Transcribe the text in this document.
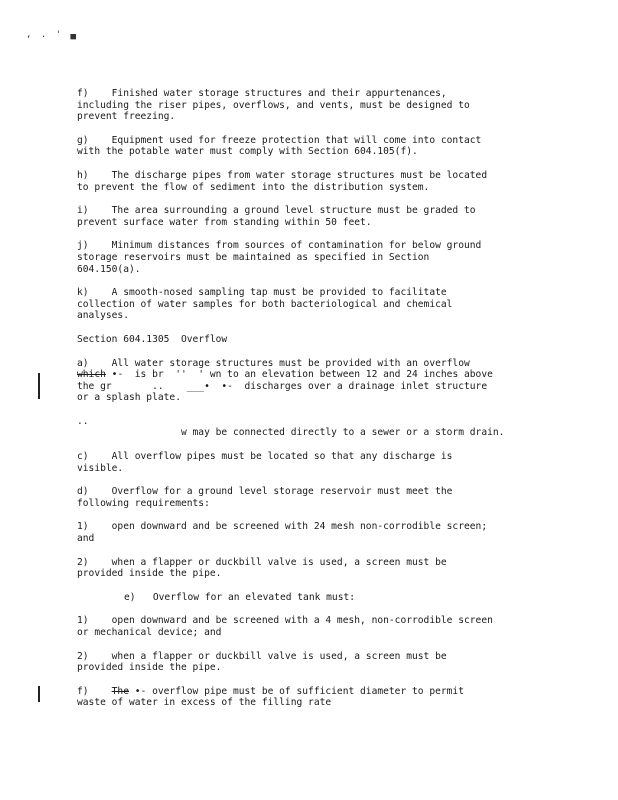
, . ' ▄

f)    Finished water storage structures and their appurtenances,
including the riser pipes, overflows, and vents, must be designed to
prevent freezing.

g)    Equipment used for freeze protection that will come into contact
with the potable water must comply with Section 604.105(f).

h)    The discharge pipes from water storage structures must be located
to prevent the flow of sediment into the distribution system.

i)    The area surrounding a ground level structure must be graded to
prevent surface water from standing within 50 feet.

j)    Minimum distances from sources of contamination for below ground
storage reservoirs must be maintained as specified in Section
604.150(a).

k)    A smooth-nosed sampling tap must be provided to facilitate
collection of water samples for both bacteriological and chemical
analyses.

Section 604.1305  Overflow

a)    All water storage structures must be provided with an overflow
which •-  is br  ''  ' wn to an elevation between 12 and 24 inches above
the gr       ..    ___•  •-  discharges over a drainage inlet structure
or a splash plate.

..
w may be connected directly to a sewer or a storm drain.

c)    All overflow pipes must be located so that any discharge is
visible.

d)    Overflow for a ground level storage reservoir must meet the
following requirements:

1)    open downward and be screened with 24 mesh non-corrodible screen;
and

2)    when a flapper or duckbill valve is used, a screen must be
provided inside the pipe.

e)   Overflow for an elevated tank must:

1)    open downward and be screened with a 4 mesh, non-corrodible screen
or mechanical device; and

2)    when a flapper or duckbill valve is used, a screen must be
provided inside the pipe.

f)    The •- overflow pipe must be of sufficient diameter to permit
waste of water in excess of the filling rate
